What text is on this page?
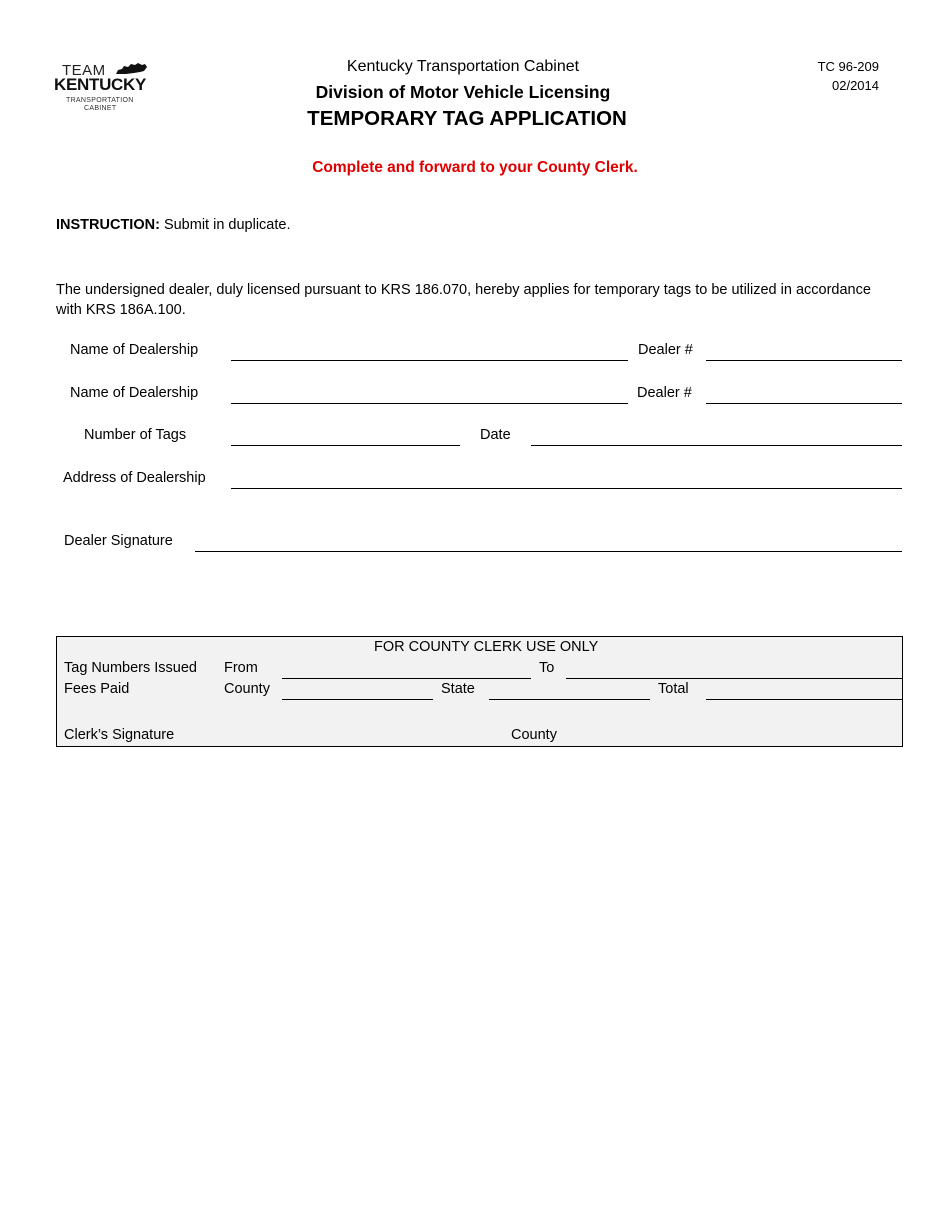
TEAM
KENTUCKY
TRANSPORTATION
CABINET
Kentucky Transportation Cabinet
Division of Motor Vehicle Licensing
TEMPORARY TAG APPLICATION
TC 96-209
02/2014
Complete and forward to your County Clerk.
INSTRUCTION: Submit in duplicate.
The undersigned dealer, duly licensed pursuant to KRS 186.070, hereby applies for temporary tags to be utilized in accordance with KRS 186A.100.
Name of Dealership	Dealer #
Name of Dealership	Dealer #
Number of Tags	Date
Address of Dealership
Dealer Signature
FOR COUNTY CLERK USE ONLY
Tag Numbers Issued From	To
Fees Paid	County	State	Total
Clerk’s Signature	County
